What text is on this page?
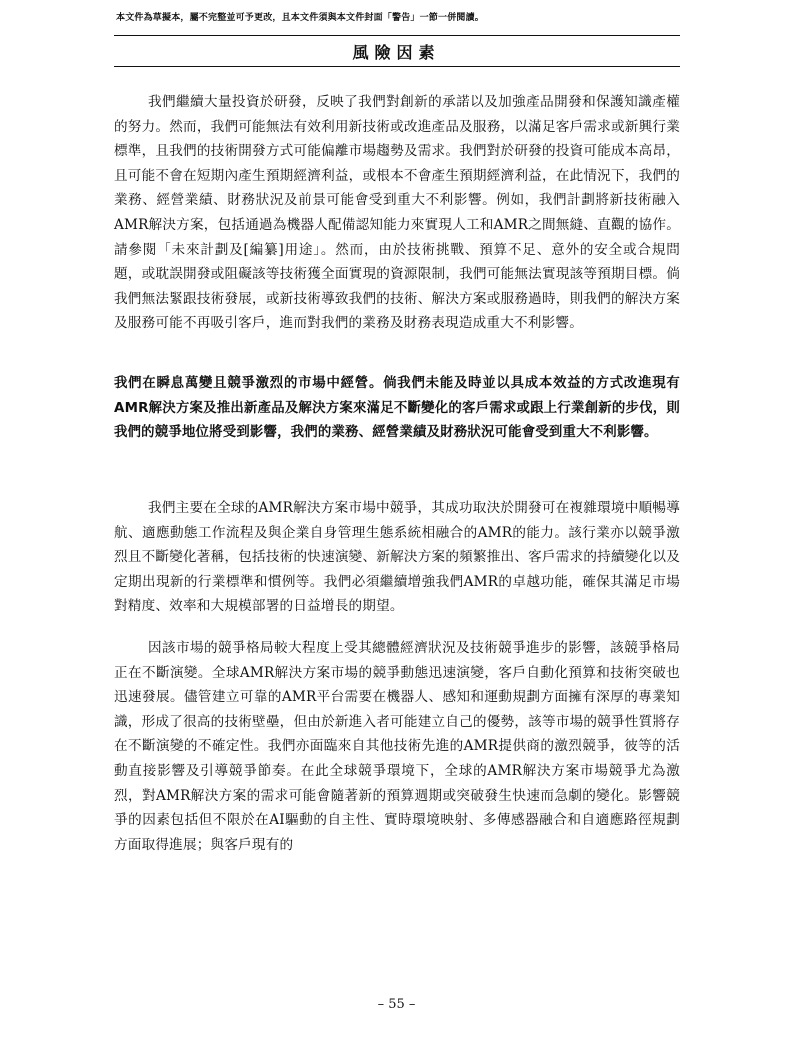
本文件為草擬本，屬不完整並可予更改，且本文件須與本文件封面「警告」一節一併閱讀。
風險因素
我們繼續大量投資於研發，反映了我們對創新的承諾以及加強產品開發和保護知識產權的努力。然而，我們可能無法有效利用新技術或改進產品及服務，以滿足客戶需求或新興行業標準，且我們的技術開發方式可能偏離市場趨勢及需求。我們對於研發的投資可能成本高昂，且可能不會在短期內產生預期經濟利益，或根本不會產生預期經濟利益，在此情況下，我們的業務、經營業績、財務狀況及前景可能會受到重大不利影響。例如，我們計劃將新技術融入AMR解決方案，包括通過為機器人配備認知能力來實現人工和AMR之間無縫、直觀的協作。請參閱「未來計劃及[編纂]用途」。然而，由於技術挑戰、預算不足、意外的安全或合規問題，或耽誤開發或阻礙該等技術獲全面實現的資源限制，我們可能無法實現該等預期目標。倘我們無法緊跟技術發展，或新技術導致我們的技術、解決方案或服務過時，則我們的解決方案及服務可能不再吸引客戶，進而對我們的業務及財務表現造成重大不利影響。
我們在瞬息萬變且競爭激烈的市場中經營。倘我們未能及時並以具成本效益的方式改進現有AMR解決方案及推出新產品及解決方案來滿足不斷變化的客戶需求或跟上行業創新的步伐，則我們的競爭地位將受到影響，我們的業務、經營業績及財務狀況可能會受到重大不利影響。
我們主要在全球的AMR解決方案市場中競爭，其成功取決於開發可在複雜環境中順暢導航、適應動態工作流程及與企業自身管理生態系統相融合的AMR的能力。該行業亦以競爭激烈且不斷變化著稱，包括技術的快速演變、新解決方案的頻繁推出、客戶需求的持續變化以及定期出現新的行業標準和慣例等。我們必須繼續增強我們AMR的卓越功能，確保其滿足市場對精度、效率和大規模部署的日益增長的期望。
因該市場的競爭格局較大程度上受其總體經濟狀況及技術競爭進步的影響，該競爭格局正在不斷演變。全球AMR解決方案市場的競爭動態迅速演變，客戶自動化預算和技術突破也迅速發展。儘管建立可靠的AMR平台需要在機器人、感知和運動規劃方面擁有深厚的專業知識，形成了很高的技術壁壘，但由於新進入者可能建立自己的優勢，該等市場的競爭性質將存在不斷演變的不確定性。我們亦面臨來自其他技術先進的AMR提供商的激烈競爭，彼等的活動直接影響及引導競爭節奏。在此全球競爭環境下，全球的AMR解決方案市場競爭尤為激烈，對AMR解決方案的需求可能會隨著新的預算週期或突破發生快速而急劇的變化。影響競爭的因素包括但不限於在AI驅動的自主性、實時環境映射、多傳感器融合和自適應路徑規劃方面取得進展；與客戶現有的
– 55 –
